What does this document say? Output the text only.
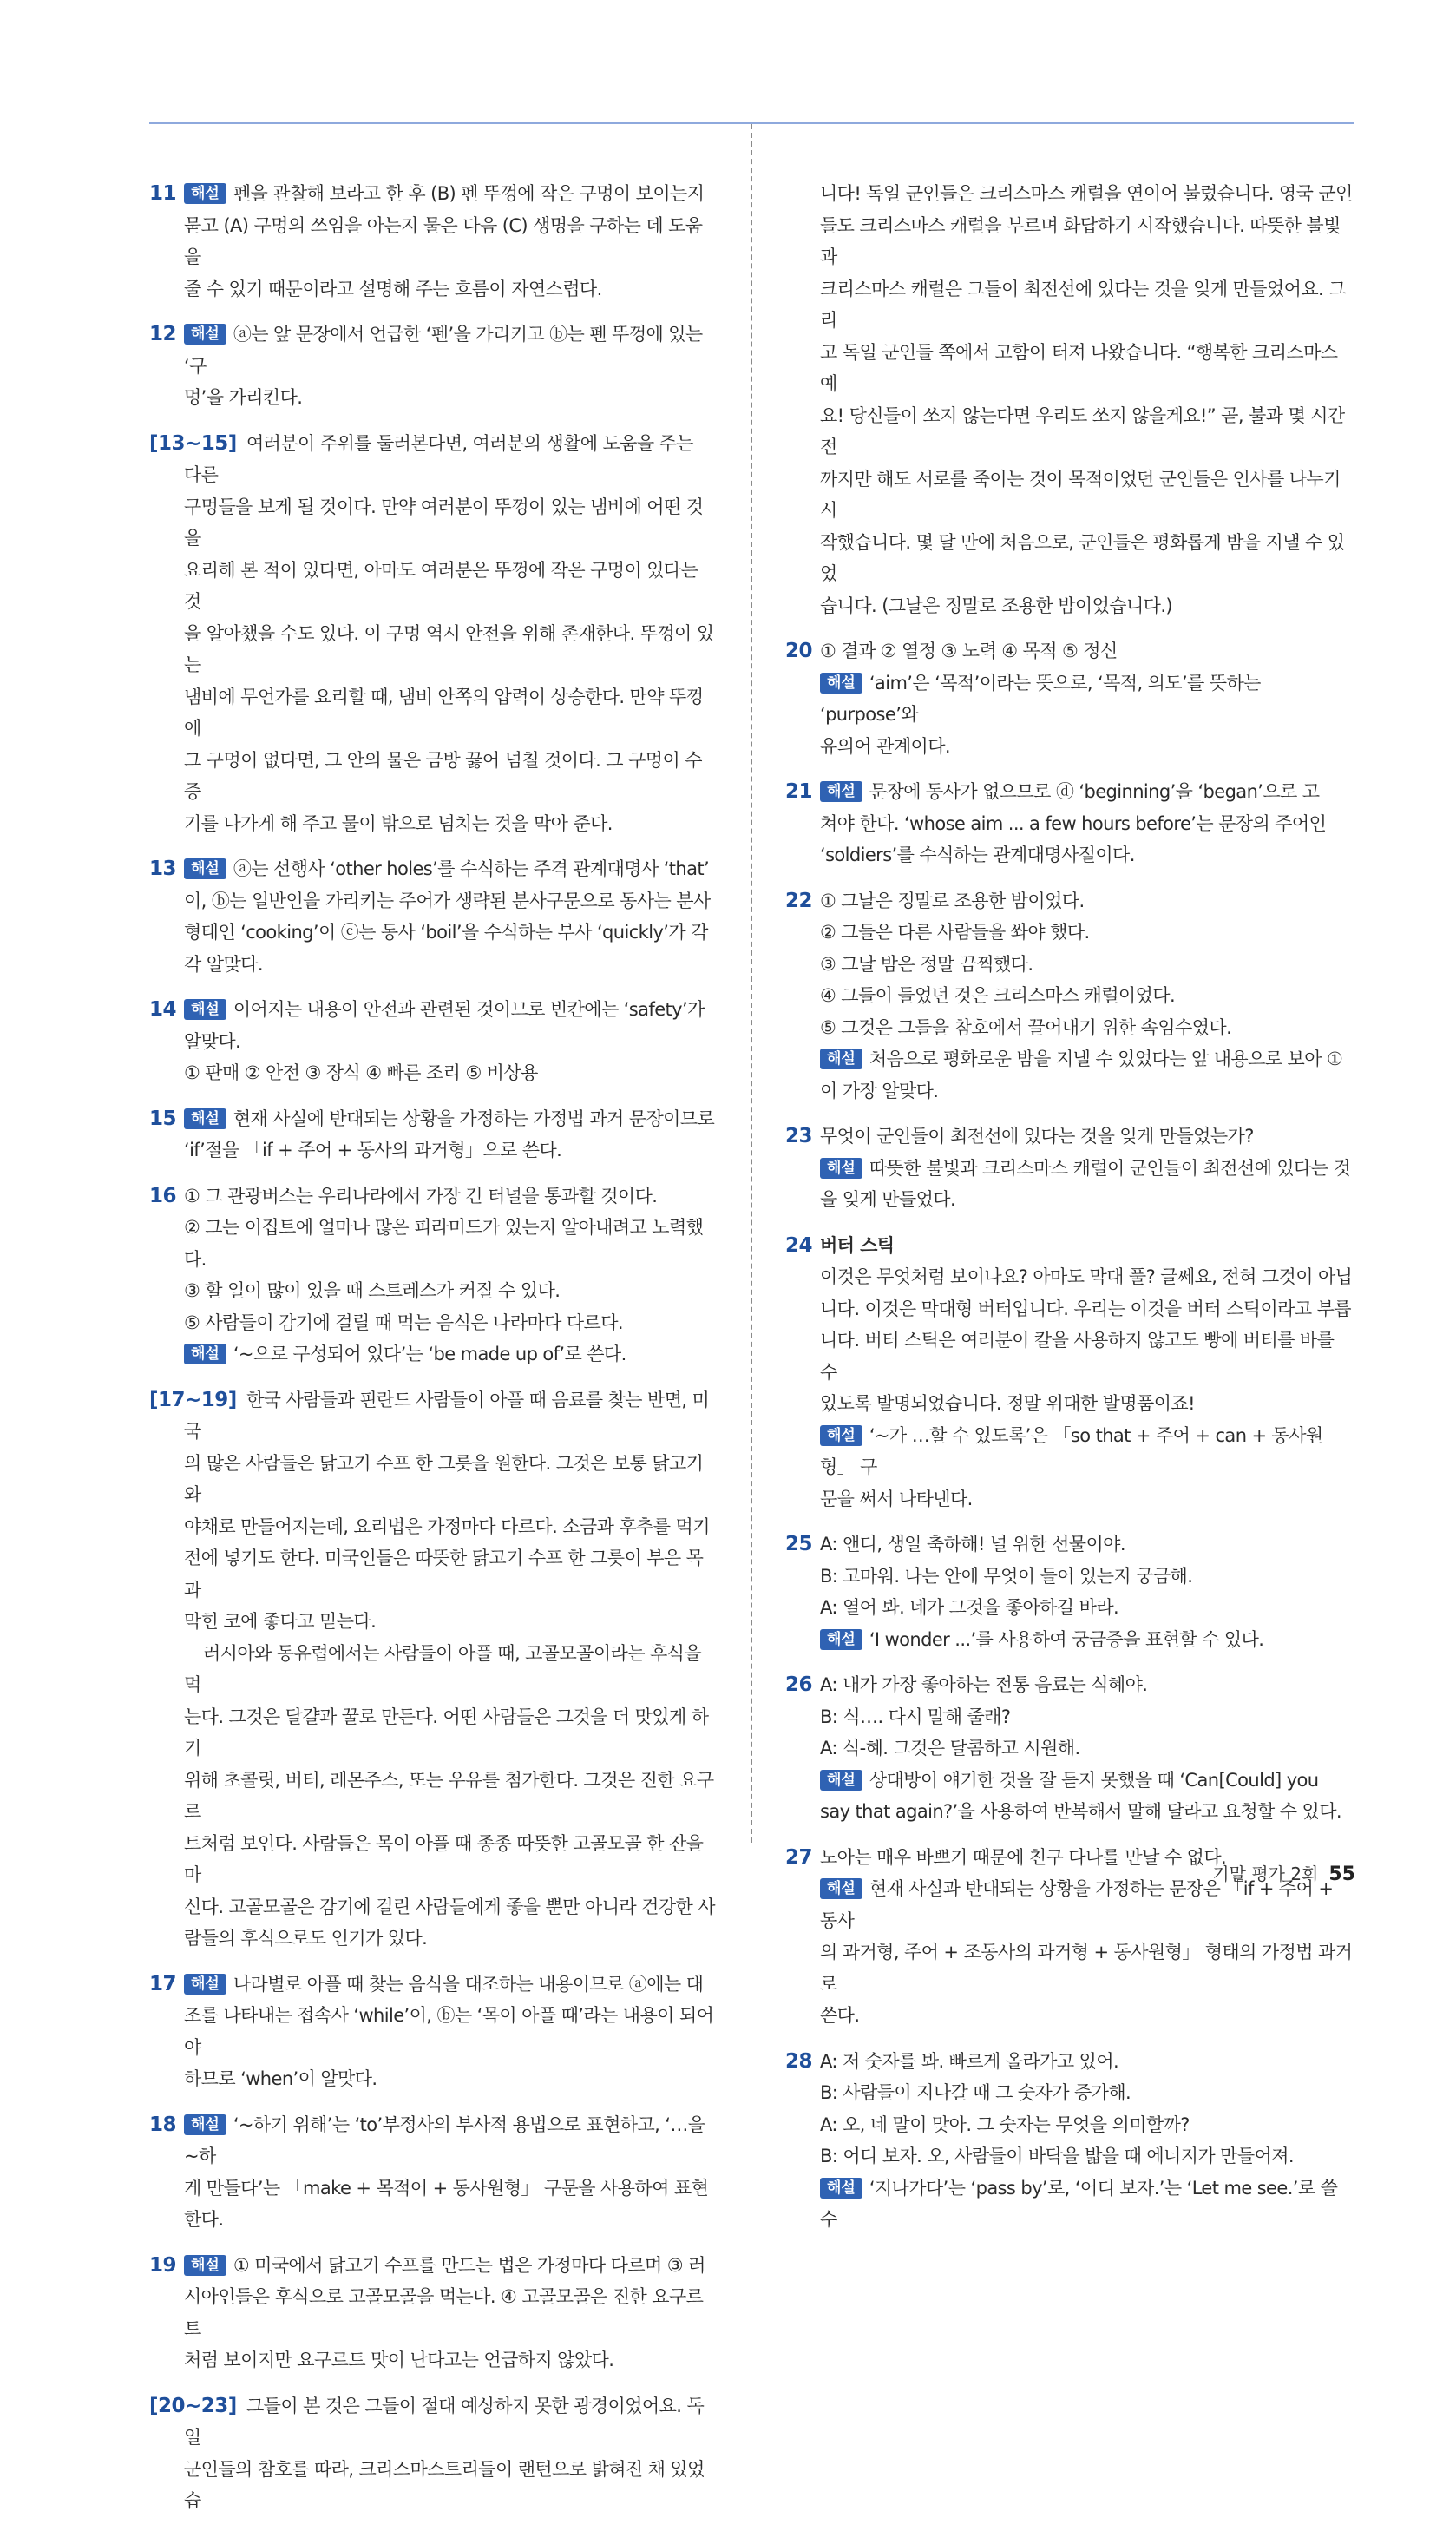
11 해설 펜을 관찰해 보라고 한 후 (B) 펜 뚜껑에 작은 구멍이 보이는지
묻고 (A) 구멍의 쓰임을 아는지 물은 다음 (C) 생명을 구하는 데 도움을
줄 수 있기 때문이라고 설명해 주는 흐름이 자연스럽다.
12 해설 ⓐ는 앞 문장에서 언급한 ‘펜’을 가리키고 ⓑ는 펜 뚜껑에 있는 ‘구
멍’을 가리킨다.
[13~15] 여러분이 주위를 둘러본다면, 여러분의 생활에 도움을 주는 다른
구멍들을 보게 될 것이다. 만약 여러분이 뚜껑이 있는 냄비에 어떤 것을
요리해 본 적이 있다면, 아마도 여러분은 뚜껑에 작은 구멍이 있다는 것
을 알아챘을 수도 있다. 이 구멍 역시 안전을 위해 존재한다. 뚜껑이 있는
냄비에 무언가를 요리할 때, 냄비 안쪽의 압력이 상승한다. 만약 뚜껑에
그 구멍이 없다면, 그 안의 물은 금방 끓어 넘칠 것이다. 그 구멍이 수증
기를 나가게 해 주고 물이 밖으로 넘치는 것을 막아 준다.
13 해설 ⓐ는 선행사 ‘other holes’를 수식하는 주격 관계대명사 ‘that’
이, ⓑ는 일반인을 가리키는 주어가 생략된 분사구문으로 동사는 분사
형태인 ‘cooking’이 ⓒ는 동사 ‘boil’을 수식하는 부사 ‘quickly’가 각
각 알맞다.
14 해설 이어지는 내용이 안전과 관련된 것이므로 빈칸에는 ‘safety’가
알맞다.
① 판매 ② 안전 ③ 장식 ④ 빠른 조리 ⑤ 비상용
15 해설 현재 사실에 반대되는 상황을 가정하는 가정법 과거 문장이므로
‘if’절을 「if + 주어 + 동사의 과거형」으로 쓴다.
16 ① 그 관광버스는 우리나라에서 가장 긴 터널을 통과할 것이다.
② 그는 이집트에 얼마나 많은 피라미드가 있는지 알아내려고 노력했다.
③ 할 일이 많이 있을 때 스트레스가 커질 수 있다.
⑤ 사람들이 감기에 걸릴 때 먹는 음식은 나라마다 다르다.
해설 ‘~으로 구성되어 있다’는 ‘be made up of’로 쓴다.
[17~19] 한국 사람들과 핀란드 사람들이 아플 때 음료를 찾는 반면, 미국
의 많은 사람들은 닭고기 수프 한 그릇을 원한다. 그것은 보통 닭고기와
야채로 만들어지는데, 요리법은 가정마다 다르다. 소금과 후추를 먹기
전에 넣기도 한다. 미국인들은 따뜻한 닭고기 수프 한 그릇이 부은 목과
막힌 코에 좋다고 믿는다.
러시아와 동유럽에서는 사람들이 아플 때, 고골모골이라는 후식을 먹
는다. 그것은 달걀과 꿀로 만든다. 어떤 사람들은 그것을 더 맛있게 하기
위해 초콜릿, 버터, 레몬주스, 또는 우유를 첨가한다. 그것은 진한 요구르
트처럼 보인다. 사람들은 목이 아플 때 종종 따뜻한 고골모골 한 잔을 마
신다. 고골모골은 감기에 걸린 사람들에게 좋을 뿐만 아니라 건강한 사
람들의 후식으로도 인기가 있다.
17 해설 나라별로 아플 때 찾는 음식을 대조하는 내용이므로 ⓐ에는 대
조를 나타내는 접속사 ‘while’이, ⓑ는 ‘목이 아플 때’라는 내용이 되어야
하므로 ‘when’이 알맞다.
18 해설 ‘~하기 위해’는 ‘to’부정사의 부사적 용법으로 표현하고, ‘…을 ~하
게 만들다’는 「make + 목적어 + 동사원형」 구문을 사용하여 표현한다.
19 해설 ① 미국에서 닭고기 수프를 만드는 법은 가정마다 다르며 ③ 러
시아인들은 후식으로 고골모골을 먹는다. ④ 고골모골은 진한 요구르트
처럼 보이지만 요구르트 맛이 난다고는 언급하지 않았다.
[20~23] 그들이 본 것은 그들이 절대 예상하지 못한 광경이었어요. 독일
군인들의 참호를 따라, 크리스마스트리들이 랜턴으로 밝혀진 채 있었습
니다! 독일 군인들은 크리스마스 캐럴을 연이어 불렀습니다. 영국 군인
들도 크리스마스 캐럴을 부르며 화답하기 시작했습니다. 따뜻한 불빛과
크리스마스 캐럴은 그들이 최전선에 있다는 것을 잊게 만들었어요. 그리
고 독일 군인들 쪽에서 고함이 터져 나왔습니다. “행복한 크리스마스예
요! 당신들이 쏘지 않는다면 우리도 쏘지 않을게요!” 곧, 불과 몇 시간 전
까지만 해도 서로를 죽이는 것이 목적이었던 군인들은 인사를 나누기 시
작했습니다. 몇 달 만에 처음으로, 군인들은 평화롭게 밤을 지낼 수 있었
습니다. (그날은 정말로 조용한 밤이었습니다.)
20 ① 결과 ② 열정 ③ 노력 ④ 목적 ⑤ 정신
해설 ‘aim’은 ‘목적’이라는 뜻으로, ‘목적, 의도’를 뜻하는 ‘purpose’와
유의어 관계이다.
21 해설 문장에 동사가 없으므로 ⓓ ‘beginning’을 ‘began’으로 고
쳐야 한다. ‘whose aim ... a few hours before’는 문장의 주어인
‘soldiers’를 수식하는 관계대명사절이다.
22 ① 그날은 정말로 조용한 밤이었다.
② 그들은 다른 사람들을 쏴야 했다.
③ 그날 밤은 정말 끔찍했다.
④ 그들이 들었던 것은 크리스마스 캐럴이었다.
⑤ 그것은 그들을 참호에서 끌어내기 위한 속임수였다.
해설 처음으로 평화로운 밤을 지낼 수 있었다는 앞 내용으로 보아 ①
이 가장 알맞다.
23 무엇이 군인들이 최전선에 있다는 것을 잊게 만들었는가?
해설 따뜻한 불빛과 크리스마스 캐럴이 군인들이 최전선에 있다는 것
을 잊게 만들었다.
24 버터 스틱
이것은 무엇처럼 보이나요? 아마도 막대 풀? 글쎄요, 전혀 그것이 아닙
니다. 이것은 막대형 버터입니다. 우리는 이것을 버터 스틱이라고 부릅
니다. 버터 스틱은 여러분이 칼을 사용하지 않고도 빵에 버터를 바를 수
있도록 발명되었습니다. 정말 위대한 발명품이죠!
해설 ‘~가 …할 수 있도록’은 「so that + 주어 + can + 동사원형」 구
문을 써서 나타낸다.
25 A: 앤디, 생일 축하해! 널 위한 선물이야.
B: 고마워. 나는 안에 무엇이 들어 있는지 궁금해.
A: 열어 봐. 네가 그것을 좋아하길 바라.
해설 ‘I wonder ...’를 사용하여 궁금증을 표현할 수 있다.
26 A: 내가 가장 좋아하는 전통 음료는 식혜야.
B: 식…. 다시 말해 줄래?
A: 식-혜. 그것은 달콤하고 시원해.
해설 상대방이 얘기한 것을 잘 듣지 못했을 때 ‘Can[Could] you
say that again?’을 사용하여 반복해서 말해 달라고 요청할 수 있다.
27 노아는 매우 바쁘기 때문에 친구 다나를 만날 수 없다.
해설 현재 사실과 반대되는 상황을 가정하는 문장은 「if + 주어 + 동사
의 과거형, 주어 + 조동사의 과거형 + 동사원형」 형태의 가정법 과거로
쓴다.
28 A: 저 숫자를 봐. 빠르게 올라가고 있어.
B: 사람들이 지나갈 때 그 숫자가 증가해.
A: 오, 네 말이 맞아. 그 숫자는 무엇을 의미할까?
B: 어디 보자. 오, 사람들이 바닥을 밟을 때 에너지가 만들어져.
해설 ‘지나가다’는 ‘pass by’로, ‘어디 보자.’는 ‘Let me see.’로 쓸 수
기말 평가 2회 55
